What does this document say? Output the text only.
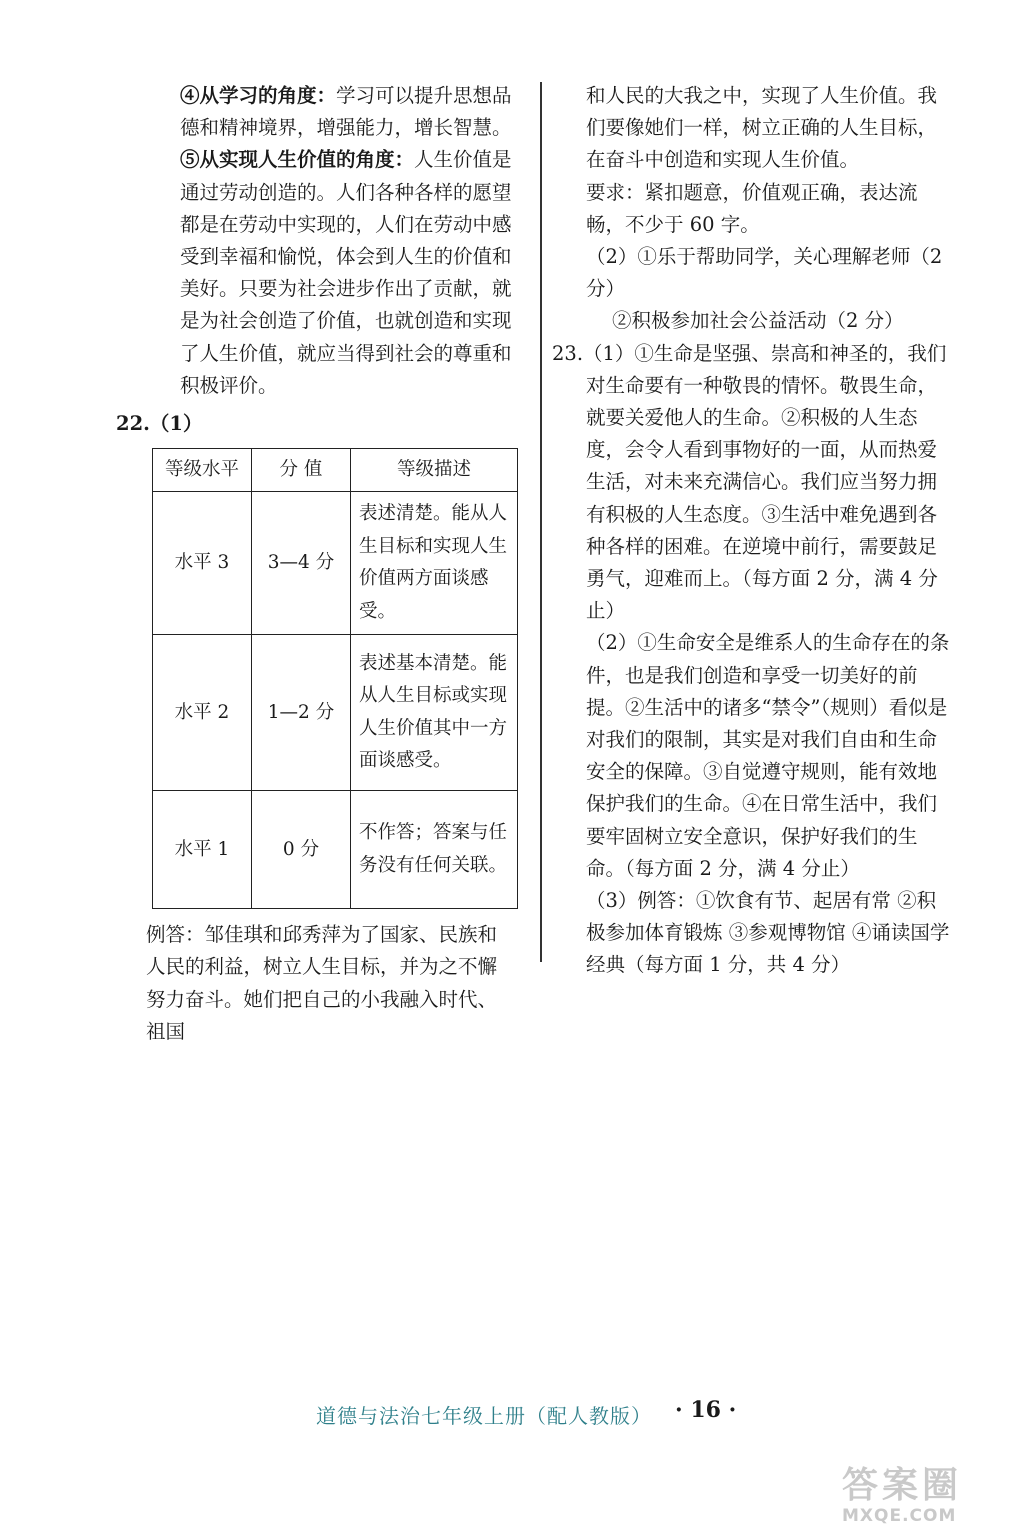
④从学习的角度：学习可以提升思想品德和精神境界，增强能力，增长智慧。

⑤从实现人生价值的角度：人生价值是通过劳动创造的。人们各种各样的愿望都是在劳动中实现的，人们在劳动中感受到幸福和愉悦，体会到人生的价值和美好。只要为社会进步作出了贡献，就是为社会创造了价值，也就创造和实现了人生价值，就应当得到社会的尊重和积极评价。

22.（1）

等级水平	分 值	等级描述
水平 3	3—4 分	表述清楚。能从人生目标和实现人生价值两方面谈感受。
水平 2	1—2 分	表述基本清楚。能从人生目标或实现人生价值其中一方面谈感受。
水平 1	0 分	不作答；答案与任务没有任何关联。

例答：邹佳琪和邱秀萍为了国家、民族和人民的利益，树立人生目标，并为之不懈努力奋斗。她们把自己的小我融入时代、祖国

和人民的大我之中，实现了人生价值。我们要像她们一样，树立正确的人生目标，在奋斗中创造和实现人生价值。

要求：紧扣题意，价值观正确，表达流畅，不少于 60 字。

（2）①乐于帮助同学，关心理解老师（2 分）

②积极参加社会公益活动（2 分）

23.（1）①生命是坚强、崇高和神圣的，我们对生命要有一种敬畏的情怀。敬畏生命，就要关爱他人的生命。②积极的人生态度，会令人看到事物好的一面，从而热爱生活，对未来充满信心。我们应当努力拥有积极的人生态度。③生活中难免遇到各种各样的困难。在逆境中前行，需要鼓足勇气，迎难而上。（每方面 2 分，满 4 分止）

（2）①生命安全是维系人的生命存在的条件，也是我们创造和享受一切美好的前提。②生活中的诸多“禁令”（规则）看似是对我们的限制，其实是对我们自由和生命安全的保障。③自觉遵守规则，能有效地保护我们的生命。④在日常生活中，我们要牢固树立安全意识，保护好我们的生命。（每方面 2 分，满 4 分止）

（3）例答：①饮食有节、起居有常 ②积极参加体育锻炼 ③参观博物馆 ④诵读国学经典（每方面 1 分，共 4 分）

道德与法治七年级上册（配人教版） · 16 ·
答案圈
MXQE.COM
